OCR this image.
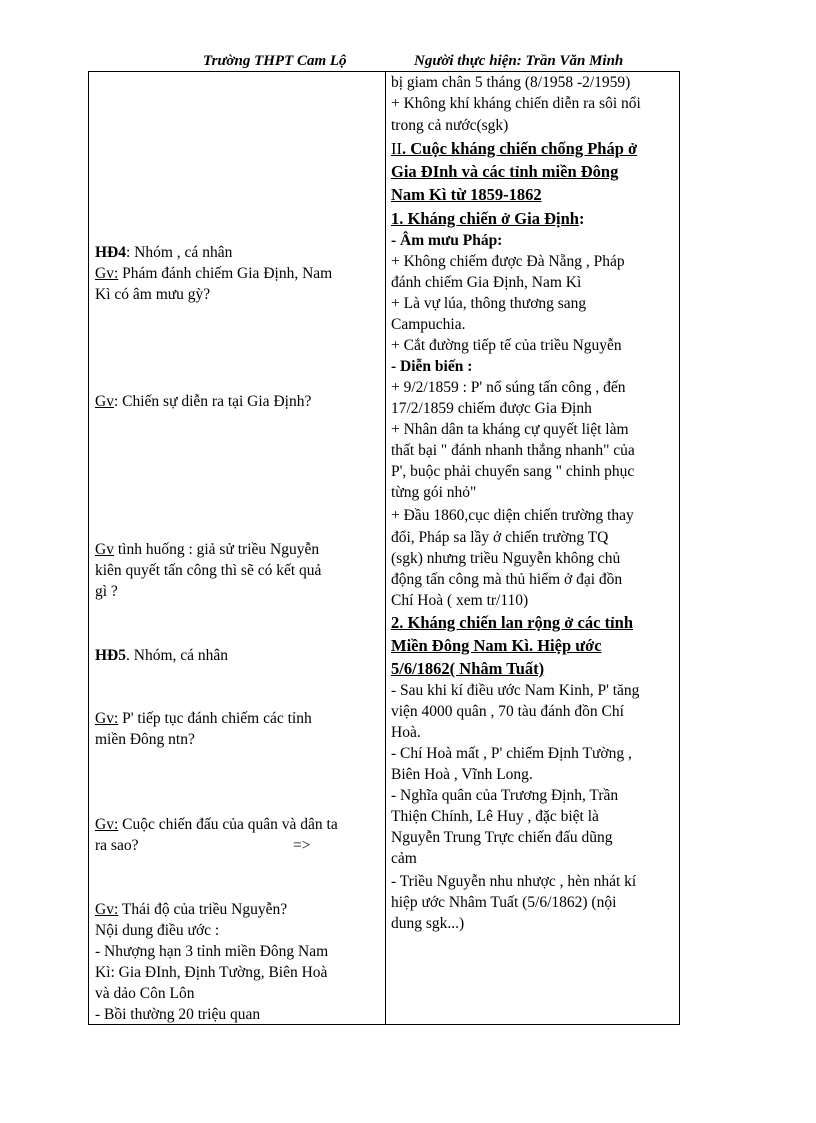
Trường THPT Cam Lộ	Người thực hiện: Trần Văn Minh
HĐ4: Nhóm , cá nhân
Gv: Phám đánh chiếm Gia Định, Nam
Kì có âm mưu gỳ?
Gv: Chiến sự diễn ra tại Gia Định?
Gv tình huống : giả sử triều Nguyễn
kiên quyết tấn công thì sẽ có kết quả
gì ?
HĐ5. Nhóm, cá nhân
Gv: P' tiếp tục đánh chiếm các tỉnh
miền Đông ntn?
Gv: Cuộc chiến đấu của quân và dân ta
ra sao?	=>
Gv: Thái độ của triều Nguyễn?
Nội dung điều ước :
- Nhượng hạn 3 tỉnh miền Đông Nam
Kì: Gia ĐInh, Định Tường, Biên Hoà
và dảo Côn Lôn
- Bồi thường 20 triệu quan
bị giam chân 5 tháng (8/1958 -2/1959)
+ Không khí kháng chiến diễn ra sôi nổi
trong cả nước(sgk)
II. Cuộc kháng chiến chống Pháp ở
Gia ĐInh và các tỉnh miền Đông
Nam Kì từ 1859-1862
1. Kháng chiến ở Gia Định:
- Âm mưu Pháp:
+ Không chiếm được Đà Nẵng , Pháp
đánh chiếm Gia Định, Nam Kì
+ Là vự lúa, thông thương sang
Campuchia.
+ Cắt đường tiếp tế của triều Nguyễn
- Diễn biến :
+ 9/2/1859 : P' nổ súng tấn công , đến
17/2/1859 chiếm được Gia Định
+ Nhân dân ta kháng cự quyết liệt làm
thất bại " đánh nhanh thắng nhanh" của
P', buộc phải chuyển sang " chinh phục
từng gói nhỏ"
+ Đầu 1860,cục diện chiến trường thay
đổi, Pháp sa lầy ở chiến trường TQ
(sgk) nhưng triều Nguyễn không chủ
động tấn công mà thủ hiểm ở đại đồn
Chí Hoà ( xem tr/110)
2. Kháng chiến lan rộng ở các tỉnh
Miền Đông Nam Kì. Hiệp ước
5/6/1862( Nhâm Tuất)
- Sau khi kí điều ước Nam Kinh, P' tăng
viện 4000 quân , 70 tàu đánh đồn Chí
Hoà.
- Chí Hoà mất , P' chiếm Định Tường ,
Biên Hoà , Vĩnh Long.
- Nghĩa quân của Trương Định, Trần
Thiện Chính, Lê Huy , đặc biệt là
Nguyễn Trung Trực chiến đấu dũng
cảm
- Triều Nguyễn nhu nhược , hèn nhát kí
hiệp ước Nhâm Tuất (5/6/1862) (nội
dung sgk...)
